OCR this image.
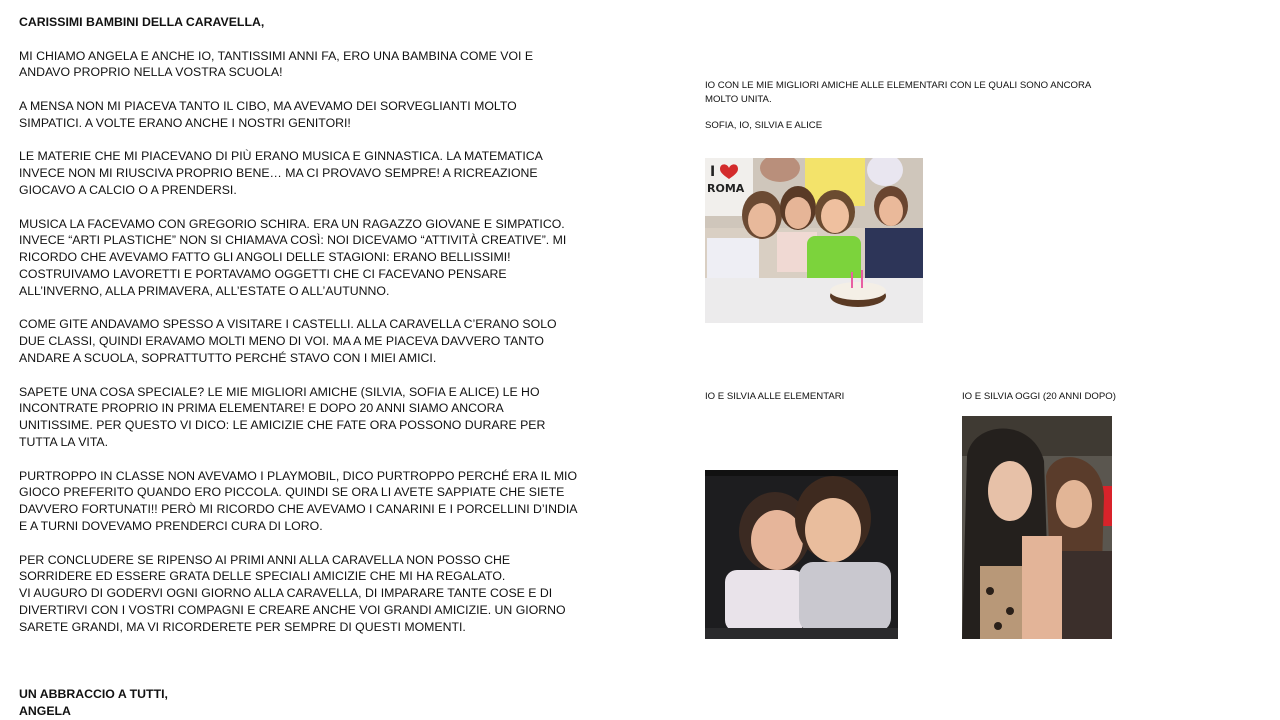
CARISSIMI BAMBINI DELLA CARAVELLA,

MI CHIAMO ANGELA E ANCHE IO, TANTISSIMI ANNI FA, ERO UNA BAMBINA COME VOI E ANDAVO PROPRIO NELLA VOSTRA SCUOLA!

A MENSA NON MI PIACEVA TANTO IL CIBO, MA AVEVAMO DEI SORVEGLIANTI MOLTO SIMPATICI. A VOLTE ERANO ANCHE I NOSTRI GENITORI!

LE MATERIE CHE MI PIACEVANO DI PIÙ ERANO MUSICA E GINNASTICA. LA MATEMATICA INVECE NON MI RIUSCIVA PROPRIO BENE… MA CI PROVAVO SEMPRE! A RICREAZIONE GIOCAVO A CALCIO O A PRENDERSI.

MUSICA LA FACEVAMO CON GREGORIO SCHIRA. ERA UN RAGAZZO GIOVANE E SIMPATICO. INVECE “ARTI PLASTICHE” NON SI CHIAMAVA COSÌ: NOI DICEVAMO “ATTIVITÀ CREATIVE”. MI RICORDO CHE AVEVAMO FATTO GLI ANGOLI DELLE STAGIONI: ERANO BELLISSIMI! COSTRUIVAMO LAVORETTI E PORTAVAMO OGGETTI CHE CI FACEVANO PENSARE ALL’INVERNO, ALLA PRIMAVERA, ALL’ESTATE O ALL’AUTUNNO.

COME GITE ANDAVAMO SPESSO A VISITARE I CASTELLI. ALLA CARAVELLA C’ERANO SOLO DUE CLASSI, QUINDI ERAVAMO MOLTI MENO DI VOI. MA A ME PIACEVA DAVVERO TANTO ANDARE A SCUOLA, SOPRATTUTTO PERCHÉ STAVO CON I MIEI AMICI.

SAPETE UNA COSA SPECIALE? LE MIE MIGLIORI AMICHE (SILVIA, SOFIA E ALICE) LE HO INCONTRATE PROPRIO IN PRIMA ELEMENTARE! E DOPO 20 ANNI SIAMO ANCORA UNITISSIME. PER QUESTO VI DICO: LE AMICIZIE CHE FATE ORA POSSONO DURARE PER TUTTA LA VITA.

PURTROPPO IN CLASSE NON AVEVAMO I PLAYMOBIL, DICO PURTROPPO PERCHÉ ERA IL MIO GIOCO PREFERITO QUANDO ERO PICCOLA. QUINDI SE ORA LI AVETE SAPPIATE CHE SIETE DAVVERO FORTUNATI!! PERÒ MI RICORDO CHE AVEVAMO I CANARINI E I PORCELLINI D’INDIA E A TURNI DOVEVAMO PRENDERCI CURA DI LORO.

PER CONCLUDERE SE RIPENSO AI PRIMI ANNI ALLA CARAVELLA NON POSSO CHE SORRIDERE ED ESSERE GRATA DELLE SPECIALI AMICIZIE CHE MI HA REGALATO.

VI AUGURO DI GODERVI OGNI GIORNO ALLA CARAVELLA, DI IMPARARE TANTE COSE E DI DIVERTIRVI CON I VOSTRI COMPAGNI E CREARE ANCHE VOI GRANDI AMICIZIE. UN GIORNO SARETE GRANDI, MA VI RICORDERETE PER SEMPRE DI QUESTI MOMENTI.

UN ABBRACCIO A TUTTI,

ANGELA

IO CON LE MIE MIGLIORI AMICHE ALLE ELEMENTARI CON LE QUALI SONO ANCORA MOLTO UNITA.
SOFIA, IO, SILVIA E ALICE
I
ROMA
IO E SILVIA ALLE ELEMENTARI	IO E SILVIA OGGI (20 ANNI DOPO)
